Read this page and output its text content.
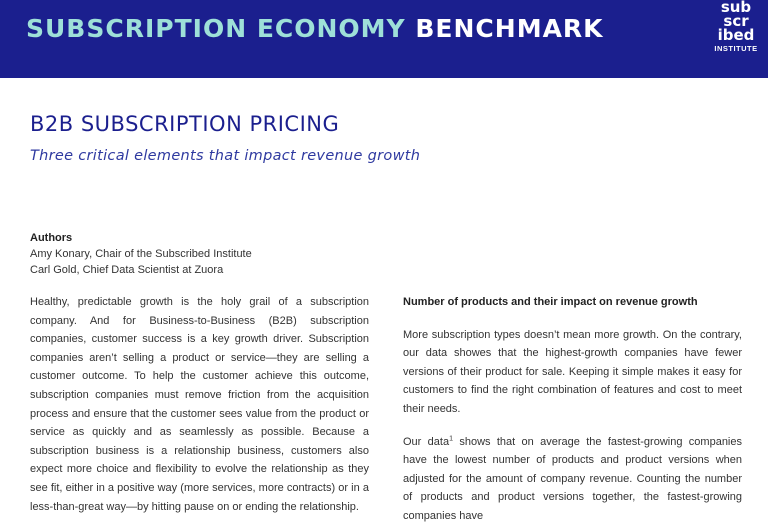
SUBSCRIPTION ECONOMY BENCHMARK
sub
scr
ibed
INSTITUTE
B2B SUBSCRIPTION PRICING
Three critical elements that impact revenue growth
Authors
Amy Konary, Chair of the Subscribed Institute
Carl Gold, Chief Data Scientist at Zuora

Healthy, predictable growth is the holy grail of a subscription company. And for Business-to-Business (B2B) subscription companies, customer success is a key growth driver. Subscription companies aren’t selling a product or service—they are selling a customer outcome. To help the customer achieve this outcome, subscription companies must remove friction from the acquisition process and ensure that the customer sees value from the product or service as quickly and as seamlessly as possible. Because a subscription business is a relationship business, customers also expect more choice and flexibility to evolve the relationship as they see fit, either in a positive way (more services, more contracts) or in a less-than-great way—by hitting pause on or ending the relationship.

Number of products and their impact on revenue growth

More subscription types doesn’t mean more growth. On the contrary, our data showes that the highest-growth companies have fewer versions of their product for sale. Keeping it simple makes it easy for customers to find the right combination of features and cost to meet their needs.

Our data$^1$ shows that on average the fastest-growing companies have the lowest number of products and product versions when adjusted for the amount of company revenue. Counting the number of products and product versions together, the fastest-growing companies have
